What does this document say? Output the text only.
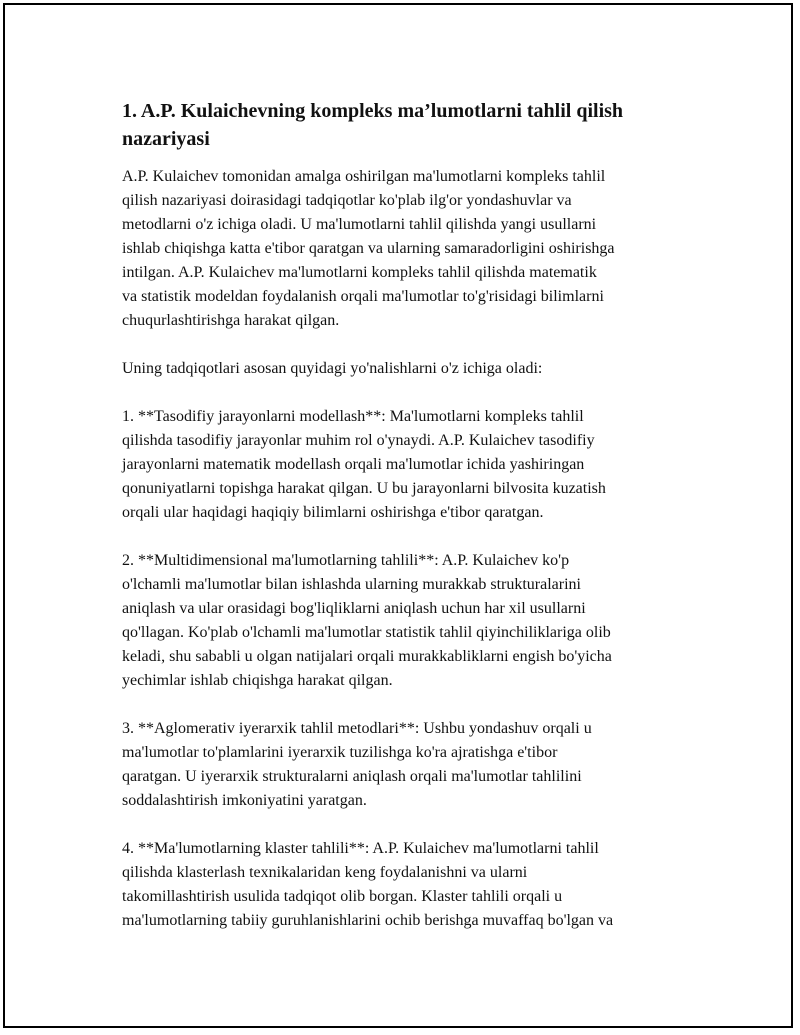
1. A.P. Kulaichevning kompleks ma’lumotlarni tahlil qilish
nazariyasi

A.P. Kulaichev tomonidan amalga oshirilgan ma'lumotlarni kompleks tahlil
qilish nazariyasi doirasidagi tadqiqotlar ko'plab ilg'or yondashuvlar va
metodlarni o'z ichiga oladi. U ma'lumotlarni tahlil qilishda yangi usullarni
ishlab chiqishga katta e'tibor qaratgan va ularning samaradorligini oshirishga
intilgan. A.P. Kulaichev ma'lumotlarni kompleks tahlil qilishda matematik
va statistik modeldan foydalanish orqali ma'lumotlar to'g'risidagi bilimlarni
chuqurlashtirishga harakat qilgan.

Uning tadqiqotlari asosan quyidagi yo'nalishlarni o'z ichiga oladi:

1. **Tasodifiy jarayonlarni modellash**: Ma'lumotlarni kompleks tahlil
qilishda tasodifiy jarayonlar muhim rol o'ynaydi. A.P. Kulaichev tasodifiy
jarayonlarni matematik modellash orqali ma'lumotlar ichida yashiringan
qonuniyatlarni topishga harakat qilgan. U bu jarayonlarni bilvosita kuzatish
orqali ular haqidagi haqiqiy bilimlarni oshirishga e'tibor qaratgan.

2. **Multidimensional ma'lumotlarning tahlili**: A.P. Kulaichev ko'p
o'lchamli ma'lumotlar bilan ishlashda ularning murakkab strukturalarini
aniqlash va ular orasidagi bog'liqliklarni aniqlash uchun har xil usullarni
qo'llagan. Ko'plab o'lchamli ma'lumotlar statistik tahlil qiyinchiliklariga olib
keladi, shu sababli u olgan natijalari orqali murakkabliklarni engish bo'yicha
yechimlar ishlab chiqishga harakat qilgan.

3. **Aglomerativ iyerarxik tahlil metodlari**: Ushbu yondashuv orqali u
ma'lumotlar to'plamlarini iyerarxik tuzilishga ko'ra ajratishga e'tibor
qaratgan. U iyerarxik strukturalarni aniqlash orqali ma'lumotlar tahlilini
soddalashtirish imkoniyatini yaratgan.

4. **Ma'lumotlarning klaster tahlili**: A.P. Kulaichev ma'lumotlarni tahlil
qilishda klasterlash texnikalaridan keng foydalanishni va ularni
takomillashtirish usulida tadqiqot olib borgan. Klaster tahlili orqali u
ma'lumotlarning tabiiy guruhlanishlarini ochib berishga muvaffaq bo'lgan va
